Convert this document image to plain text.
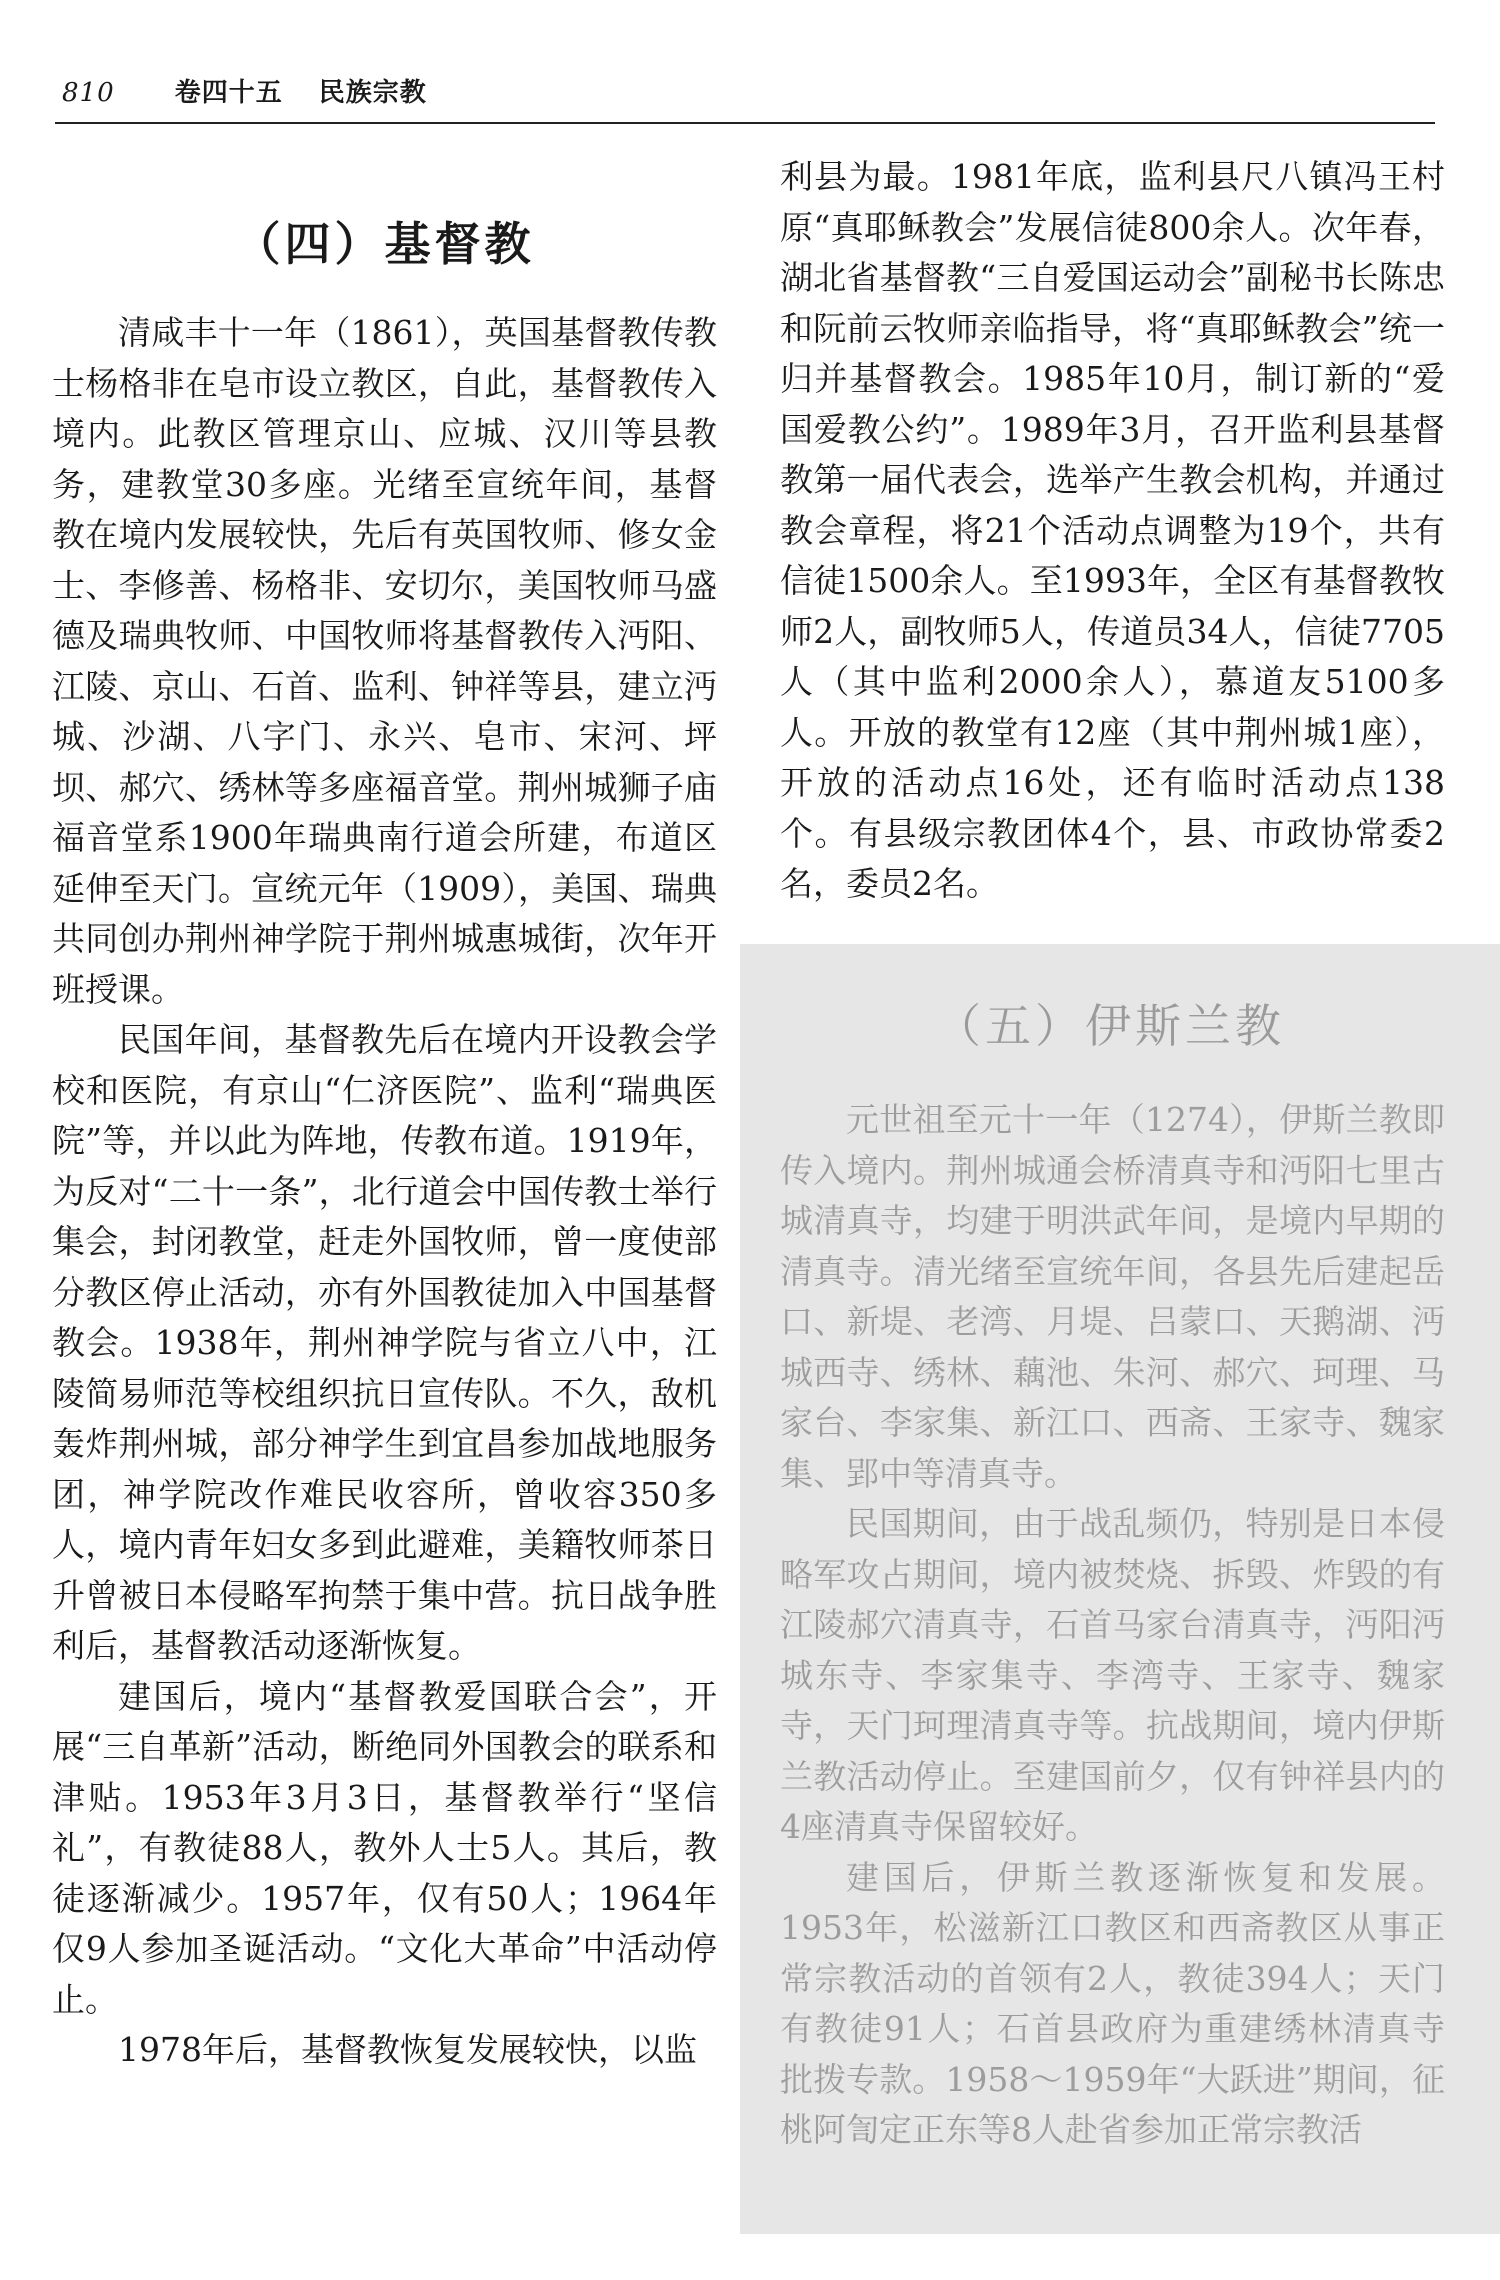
810 卷四十五 民族宗教
（四）基督教

清咸丰十一年（1861），英国基督教传教士杨格非在皂市设立教区，自此，基督教传入境内。此教区管理京山、应城、汉川等县教务，建教堂30多座。光绪至宣统年间，基督教在境内发展较快，先后有英国牧师、修女金士、李修善、杨格非、安切尔，美国牧师马盛德及瑞典牧师、中国牧师将基督教传入沔阳、江陵、京山、石首、监利、钟祥等县，建立沔城、沙湖、八字门、永兴、皂市、宋河、坪坝、郝穴、绣林等多座福音堂。荆州城狮子庙福音堂系1900年瑞典南行道会所建，布道区延伸至天门。宣统元年（1909），美国、瑞典共同创办荆州神学院于荆州城惠城街，次年开班授课。

民国年间，基督教先后在境内开设教会学校和医院，有京山“仁济医院”、监利“瑞典医院”等，并以此为阵地，传教布道。1919年，为反对“二十一条”，北行道会中国传教士举行集会，封闭教堂，赶走外国牧师，曾一度使部分教区停止活动，亦有外国教徒加入中国基督教会。1938年，荆州神学院与省立八中，江陵简易师范等校组织抗日宣传队。不久，敌机轰炸荆州城，部分神学生到宜昌参加战地服务团，神学院改作难民收容所，曾收容350多人，境内青年妇女多到此避难，美籍牧师茶日升曾被日本侵略军拘禁于集中营。抗日战争胜利后，基督教活动逐渐恢复。

建国后，境内“基督教爱国联合会”，开展“三自革新”活动，断绝同外国教会的联系和津贴。1953年3月3日，基督教举行“坚信礼”，有教徒88人，教外人士5人。其后，教徒逐渐减少。1957年，仅有50人；1964年仅9人参加圣诞活动。“文化大革命”中活动停止。

1978年后，基督教恢复发展较快，以监

利县为最。1981年底，监利县尺八镇冯王村原“真耶稣教会”发展信徒800余人。次年春，湖北省基督教“三自爱国运动会”副秘书长陈忠和阮前云牧师亲临指导，将“真耶稣教会”统一归并基督教会。1985年10月，制订新的“爱国爱教公约”。1989年3月，召开监利县基督教第一届代表会，选举产生教会机构，并通过教会章程，将21个活动点调整为19个，共有信徒1500余人。至1993年，全区有基督教牧师2人，副牧师5人，传道员34人，信徒7705人（其中监利2000余人），慕道友5100多人。开放的教堂有12座（其中荆州城1座），开放的活动点16处，还有临时活动点138个。有县级宗教团体4个，县、市政协常委2名，委员2名。

（五）伊斯兰教

元世祖至元十一年（1274），伊斯兰教即传入境内。荆州城通会桥清真寺和沔阳七里古城清真寺，均建于明洪武年间，是境内早期的清真寺。清光绪至宣统年间，各县先后建起岳口、新堤、老湾、月堤、吕蒙口、天鹅湖、沔城西寺、绣林、藕池、朱河、郝穴、珂理、马家台、李家集、新江口、西斋、王家寺、魏家集、郢中等清真寺。

民国期间，由于战乱频仍，特别是日本侵略军攻占期间，境内被焚烧、拆毁、炸毁的有江陵郝穴清真寺，石首马家台清真寺，沔阳沔城东寺、李家集寺、李湾寺、王家寺、魏家寺，天门珂理清真寺等。抗战期间，境内伊斯兰教活动停止。至建国前夕，仅有钟祥县内的4座清真寺保留较好。

建国后，伊斯兰教逐渐恢复和发展。1953年，松滋新江口教区和西斋教区从事正常宗教活动的首领有2人，教徒394人；天门有教徒91人；石首县政府为重建绣林清真寺批拨专款。1958～1959年“大跃进”期间，征桃阿訇定正东等8人赴省参加正常宗教活
